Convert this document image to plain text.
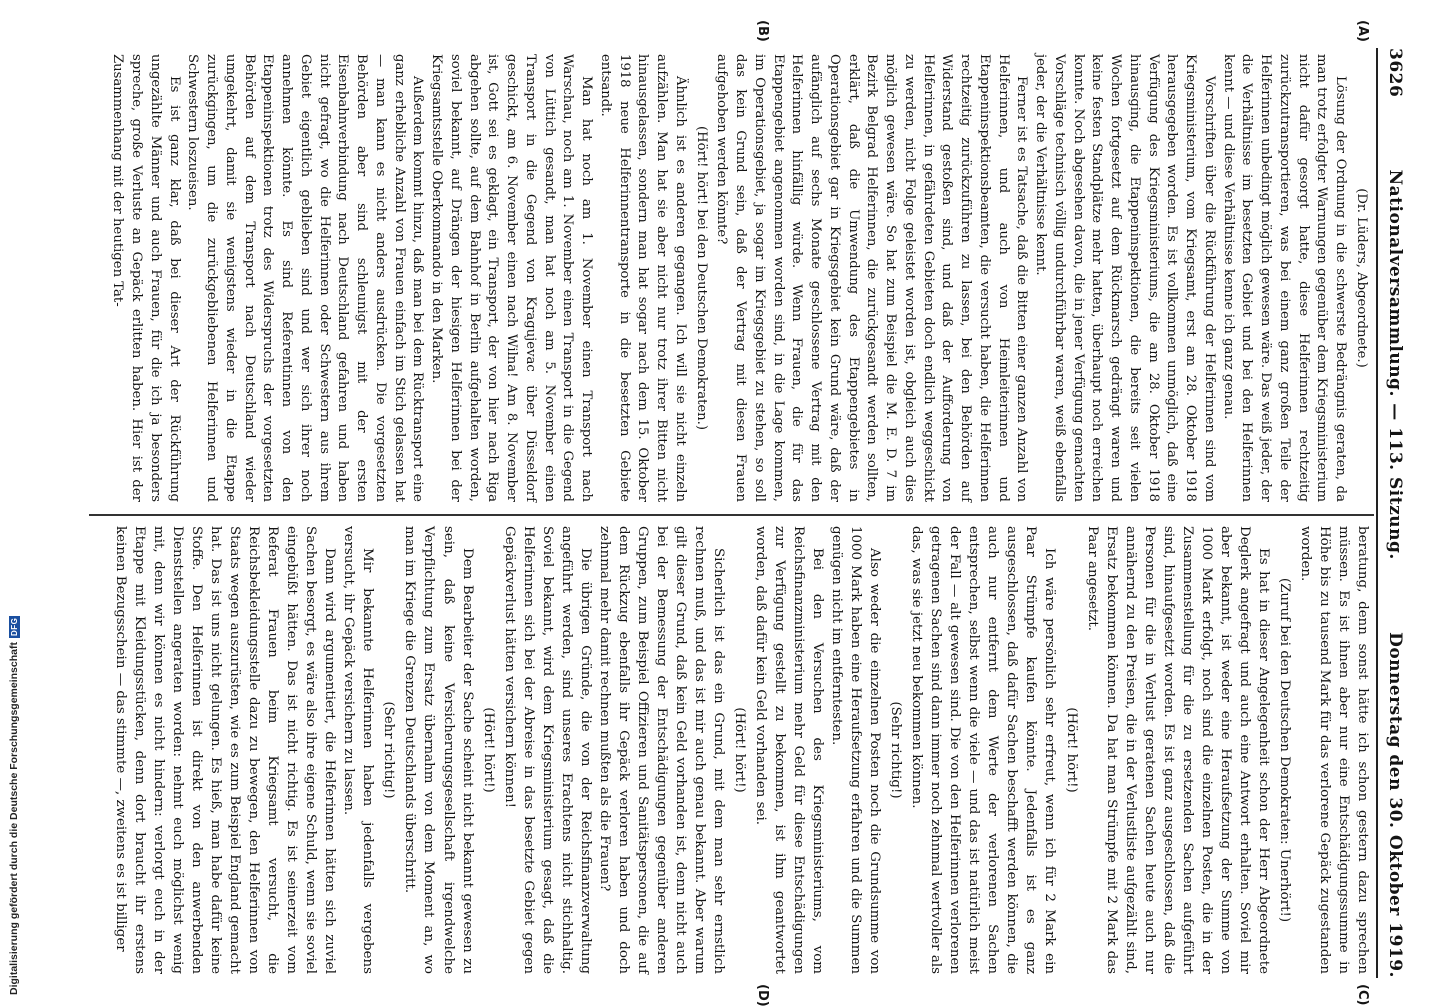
3626
Nationalversammlung. — 113. Sitzung.
Donnerstag den 30. Oktober 1919.
(A)
(B)
(C)
(D)

(Dr. Lüders, Abgeordnete.)

Lösung der Ordnung in die schwerste Bedrängnis geraten, da man trotz erfolgter Warnungen gegenüber dem Kriegsministerium nicht dafür gesorgt hatte, diese Helferinnen rechtzeitig zurückzutransportieren, was bei einem ganz großen Teile der Helferinnen unbedingt möglich gewesen wäre. Das weiß jeder, der die Verhältnisse im besetzten Gebiet und bei den Helferinnen kennt — und diese Verhältnisse kenne ich ganz genau.

Vorschriften über die Rückführung der Helferinnen sind vom Kriegsministerium, vom Kriegsamt, erst am 28. Oktober 1918 herausgegeben worden. Es ist vollkommen unmöglich, daß eine Verfügung des Kriegsministeriums, die am 28. Oktober 1918 hinausging, die Etappeninspektionen, die bereits seit vielen Wochen fortgesetzt auf dem Rückmarsch gedrängt waren und keine festen Standplätze mehr hatten, überhaupt noch erreichen konnte. Noch abgesehen davon, die in jener Verfügung gemachten Vorschläge technisch völlig undurchführbar waren, weiß ebenfalls jeder, der die Verhältnisse kennt.

Ferner ist es Tatsache, daß die Bitten einer ganzen Anzahl von Helferinnen, und auch von Heimleiterinnen und Etappeninspektionsbeamten, die versucht haben, die Helferinnen rechtzeitig zurückzuführen zu lassen, bei den Behörden auf Widerstand gestoßen sind, und daß der Aufforderung von Helferinnen, in gefährdeten Gebieten doch endlich weggeschickt zu werden, nicht Folge geleistet worden ist, obgleich auch dies möglich gewesen wäre. So hat zum Beispiel die M. E. D. 7 im Bezirk Belgrad Helferinnen, die zurückgesandt werden sollten, erklärt, daß die Umwendung des Etappengebietes in Operationsgebiet gar in Kriegsgebiet kein Grund wäre, daß der aufänglich auf sechs Monate geschlossene Vertrag mit den Helferinnen hinfällig würde. Wenn Frauen, die für das Etappengebiet angenommen worden sind, in die Lage kommen, im Operationsgebiet, ja sogar im Kriegsgebiet zu stehen, so soll das kein Grund sein, daß der Vertrag mit diesen Frauen aufgehoben werden könnte?

(Hört! hört! bei den Deutschen Demokraten.)

Ähnlich ist es anderen gegangen. Ich will sie nicht einzeln aufzählen. Man hat sie aber nicht nur trotz ihrer Bitten nicht hinausgelassen, sondern man hat sogar nach dem 15. Oktober 1918 neue Helferinnentransporte in die besetzten Gebiete entsandt.

Man hat noch am 1. November einen Transport nach Warschau, noch am 1. November einen Transport in die Gegend von Lüttich gesandt, man hat noch am 5. November einen Transport in die Gegend von Kragujevac über Düsseldorf geschickt, am 6. November einen nach Wilna! Am 8. November ist, Gott sei es geklagt, ein Transport, der von hier nach Riga abgehen sollte, auf dem Bahnhof in Berlin aufgehalten worden, soviel bekannt, auf Drängen der hiesigen Helferinnen bei der Kriegsamtsstelle Oberkommando in den Marken.

Außerdem kommt hinzu, daß man bei dem Rücktransport eine ganz erhebliche Anzahl von Frauen einfach im Stich gelassen hat — man kann es nicht anders ausdrücken. Die vorgesetzten Behörden aber sind schleunigst mit der ersten Eisenbahnverbindung nach Deutschland gefahren und haben nicht gefragt, wo die Helferinnen oder Schwestern aus ihrem Gebiet eigentlich geblieben sind und wer sich ihrer noch annehmen könnte. Es sind Referentinnen von den Etappeninspektionen trotz des Widerspruchs der vorgesetzten Behörden auf dem Transport nach Deutschland wieder umgekehrt, damit sie wenigstens wieder in die Etappe zurückgingen, um die zurückgebliebenen Helferinnen und Schwestern loszueisen.

Es ist ganz klar, daß bei dieser Art der Rückführung ungezählte Männer und auch Frauen, für die ich ja besonders spreche, große Verluste an Gepäck erlitten haben. Hier ist der Zusammenhang mit der heutigen Tat-

beratung, denn sonst hätte ich schon gestern dazu sprechen müssen. Es ist ihnen aber nur eine Entschädigungssumme in Höhe bis zu tausend Mark für das verlorene Gepäck zugestanden worden.

(Zuruf bei den Deutschen Demokraten: Unerhört!)

Es hat in dieser Angelegenheit schon der Herr Abgeordnete Deglerk angefragt und auch eine Antwort erhalten. Soviel mir aber bekannt, ist weder eine Heraufsetzung der Summe von 1000 Mark erfolgt, noch sind die einzelnen Posten, die in der Zusammenstellung für die zu ersetzenden Sachen aufgeführt sind, hinaufgesetzt worden. Es ist ganz ausgeschlossen, daß die Personen für die in Verlust geratenen Sachen heute auch nur annähernd zu den Preisen, die in der Verlustliste aufgezählt sind, Ersatz bekommen können. Da hat man Strümpfe mit 2 Mark das Paar angesetzt.

(Hört! hört!)

Ich wäre persönlich sehr erfreut, wenn ich für 2 Mark ein Paar Strümpfe kaufen könnte. Jedenfalls ist es ganz ausgeschlossen, daß dafür Sachen beschafft werden können, die auch nur entfernt dem Werte der verlorenen Sachen entsprechen, selbst wenn die viele — und das ist natürlich meist der Fall — alt gewesen sind. Die von den Helferinnen verlorenen getragenen Sachen sind dann immer noch zehnmal wertvoller als das, was sie jetzt neu bekommen können.

(Sehr richtig!)

Also weder die einzelnen Posten noch die Grundsumme von 1000 Mark haben eine Heraufsetzung erfahren und die Summen genügen nicht im entferntesten.

Bei den Versuchen des Kriegsministeriums, vom Reichsfinanzministerium mehr Geld für diese Entschädigungen zur Verfügung gestellt zu bekommen, ist ihm geantwortet worden, daß dafür kein Geld vorhanden sei.

(Hört! hört!)

Sicherlich ist das ein Grund, mit dem man sehr ernstlich rechnen muß, und das ist mir auch genau bekannt. Aber warum gilt dieser Grund, daß kein Geld vorhanden ist, denn nicht auch bei der Bemessung der Entschädigungen gegenüber anderen Gruppen, zum Beispiel Offizieren und Sanitätspersonen, die auf dem Rückzug ebenfalls ihr Gepäck verloren haben und doch zehnmal mehr damit rechnen mußten als die Frauen?

Die übrigen Gründe, die von der Reichsfinanzverwaltung angeführt werden, sind unseres Erachtens nicht stichhaltig. Soviel bekannt, wird dem Kriegsministerium gesagt, daß die Helferinnen sich bei der Abreise in das besetzte Gebiet gegen Gepäckverlust hätten versichern können!

(Hört! hört!)

Dem Bearbeiter der Sache scheint nicht bekannt gewesen zu sein, daß keine Versicherungsgesellschaft irgendwelche Verpflichtung zum Ersatz übernahm von dem Moment an, wo man im Kriege die Grenzen Deutschlands überschritt.

(Sehr richtig!)

Mir bekannte Helferinnen haben jedenfalls vergebens versucht, ihr Gepäck versichern zu lassen.

Dann wird argumentiert, die Helferinnen hätten sich zuviel Sachen besorgt, es wäre also ihre eigene Schuld, wenn sie soviel eingebüßt hätten. Das ist nicht richtig. Es ist seinerzeit vom Referat Frauen beim Kriegsamt versucht, die Reichsbekleidungsstelle dazu zu bewegen, den Helferinnen von Staats wegen auszurüsten, wie es zum Beispiel England gemacht hat. Das ist uns nicht gelungen. Es hieß, man habe dafür keine Stoffe. Den Helferinnen ist direkt von den anwerbenden Dienststellen angeraten worden: nehmt euch möglichst wenig mit, denn wir können es nicht hindern: verlorgt euch in der Etappe mit Kleidungsstücken, denn dort braucht ihr erstens keinen Bezugsschein — das stimmte —, zweitens es ist billiger

Digitalisierung gefördert durch die Deutsche Forschungsgemeinschaft
DFG
